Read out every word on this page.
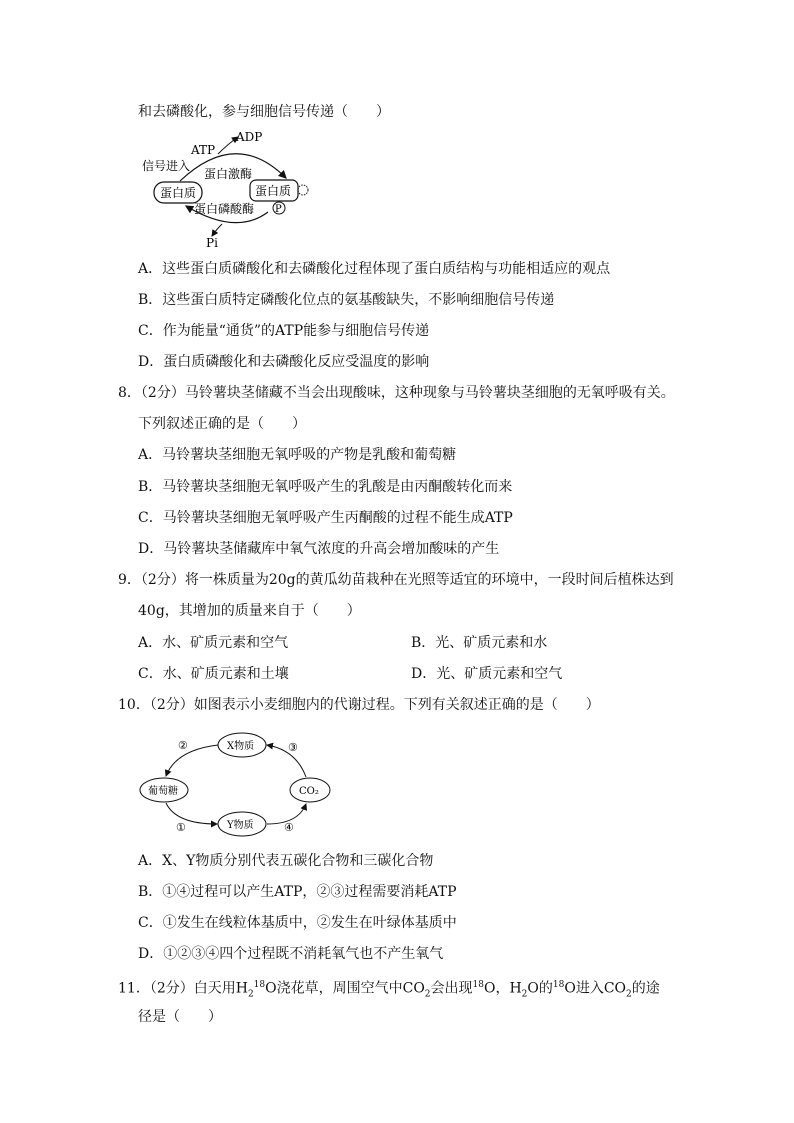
和去磷酸化，参与细胞信号传递（　　）
ADP
ATP
信号进入
蛋白激酶
蛋白质	蛋白质
P
蛋白磷酸酶
Pi
A．这些蛋白质磷酸化和去磷酸化过程体现了蛋白质结构与功能相适应的观点
B．这些蛋白质特定磷酸化位点的氨基酸缺失，不影响细胞信号传递
C．作为能量“通货”的ATP能参与细胞信号传递
D．蛋白质磷酸化和去磷酸化反应受温度的影响
8．（2分）马铃薯块茎储藏不当会出现酸味，这种现象与马铃薯块茎细胞的无氧呼吸有关。
下列叙述正确的是（　　）
A．马铃薯块茎细胞无氧呼吸的产物是乳酸和葡萄糖
B．马铃薯块茎细胞无氧呼吸产生的乳酸是由丙酮酸转化而来
C．马铃薯块茎细胞无氧呼吸产生丙酮酸的过程不能生成ATP
D．马铃薯块茎储藏库中氧气浓度的升高会增加酸味的产生
9．（2分）将一株质量为20g的黄瓜幼苗栽种在光照等适宜的环境中，一段时间后植株达到
40g，其增加的质量来自于（　　）
A．水、矿质元素和空气	B．光、矿质元素和水
C．水、矿质元素和土壤	D．光、矿质元素和空气
10．（2分）如图表示小麦细胞内的代谢过程。下列有关叙述正确的是（　　）
X物质
Y物质
葡萄糖	CO₂
②	③
①	④
A．X、Y物质分别代表五碳化合物和三碳化合物
B．①④过程可以产生ATP，②③过程需要消耗ATP
C．①发生在线粒体基质中，②发生在叶绿体基质中
D．①②③④四个过程既不消耗氧气也不产生氧气
11．（2分）白天用$H_2^{18}O$浇花草，周围空气中$CO_2$会出现$^{18}$O，$H_2O$的$^{18}$O进入$CO_2$的途
径是（　　）
